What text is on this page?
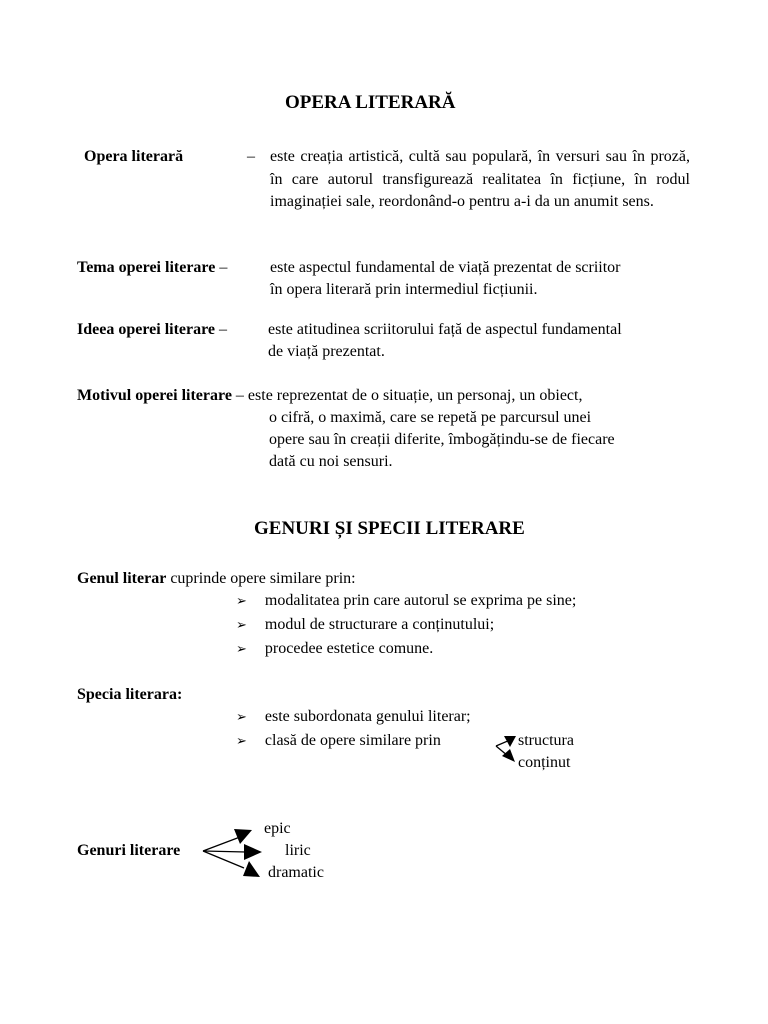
OPERA LITERARĂ
Opera literară	– este creația artistică, cultă sau populară, în versuri sau în proză, în care autorul transfigurează realitatea în ficțiune, în rodul imaginației sale, reordonând-o pentru a-i da un anumit sens.
Tema operei literare –	este aspectul fundamental de viață prezentat de scriitor
în opera literară prin intermediul ficțiunii.
Ideea operei literare –	este atitudinea scriitorului față de aspectul fundamental
de viață prezentat.
Motivul operei literare – este reprezentat de o situație, un personaj, un obiect,
o cifră, o maximă, care se repetă pe parcursul unei
opere sau în creații diferite, îmbogățindu-se de fiecare
dată cu noi sensuri.
GENURI ȘI SPECII LITERARE
Genul literar cuprinde opere similare prin:
➢ modalitatea prin care autorul se exprima pe sine;
➢ modul de structurare a conținutului;
➢ procedee estetice comune.
Specia literara:
➢ este subordonata genului literar;
➢ clasă de opere similare prin	structura
conținut
Genuri literare
epic
liric
dramatic
